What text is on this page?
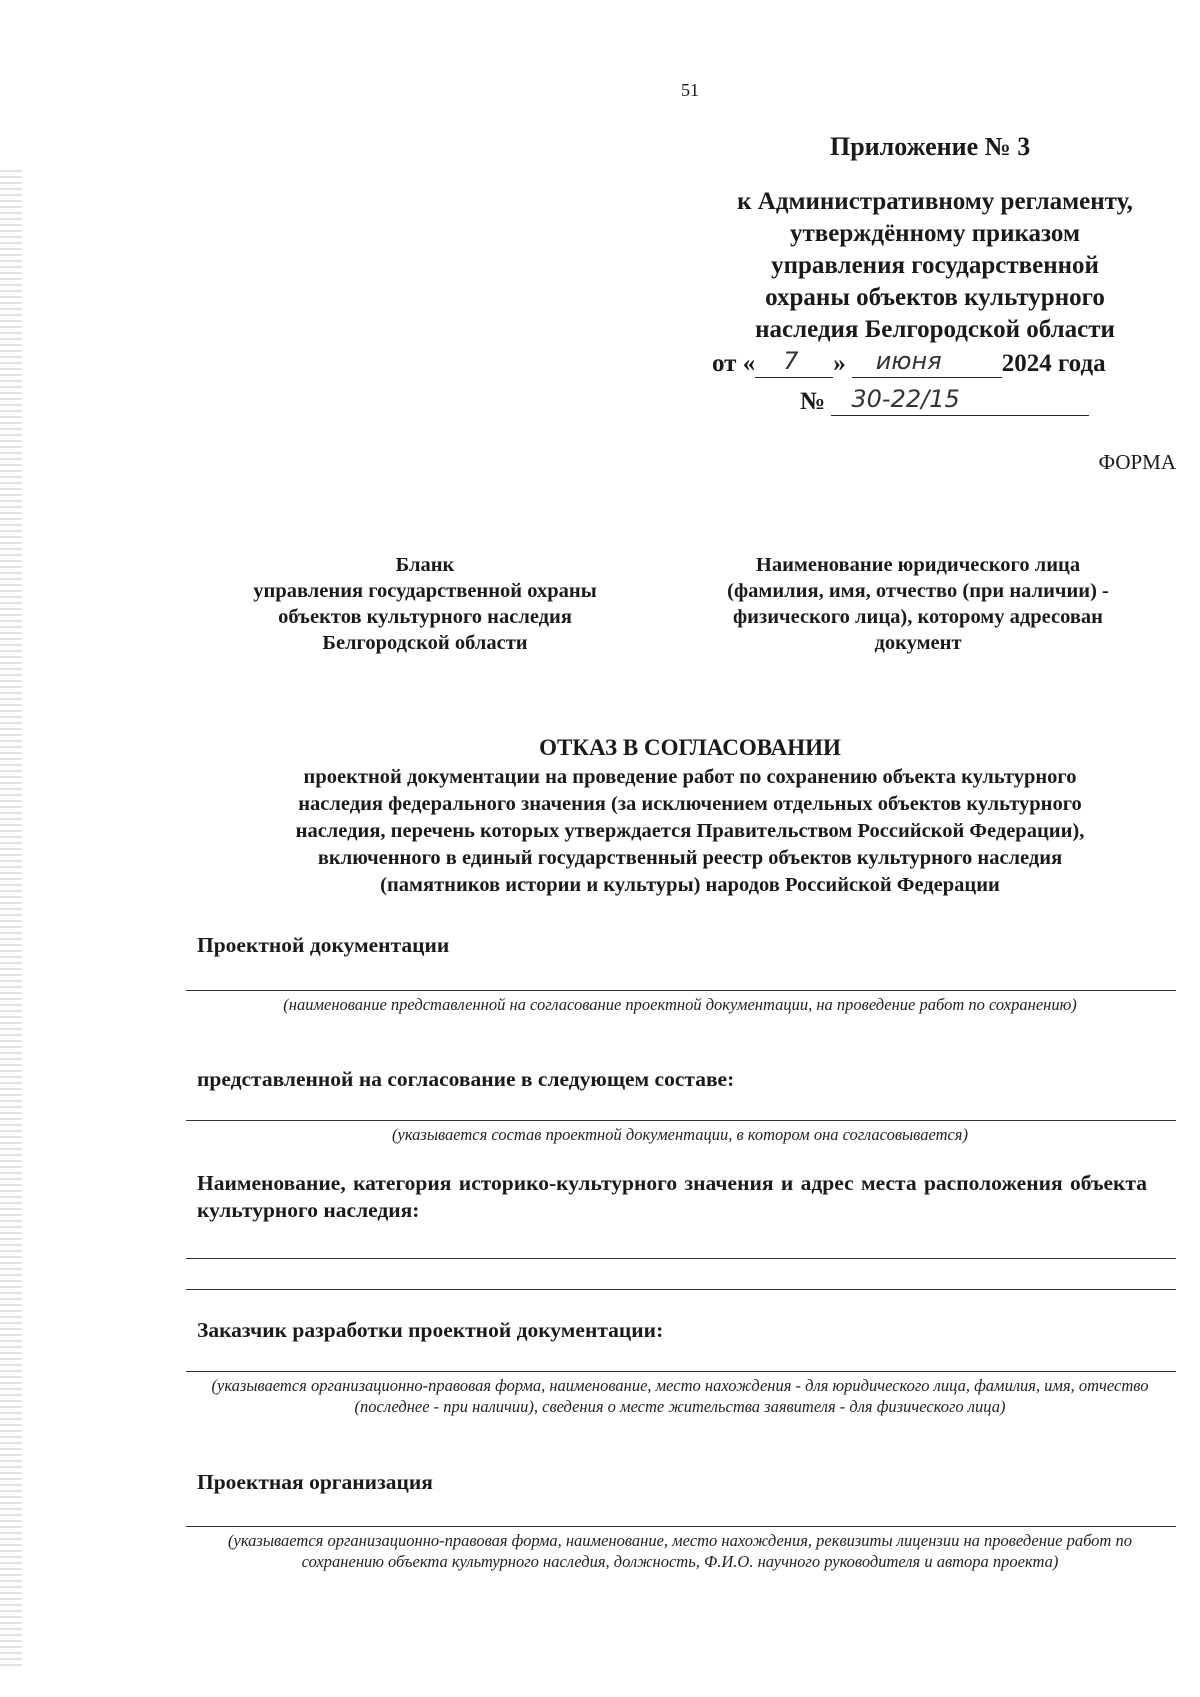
51
Приложение № 3
к Административному регламенту,
утверждённому приказом
управления государственной
охраны объектов культурного
наследия Белгородской области
от « 7 » июня 2024 года
№ 30-22/15
ФОРМА
Бланк
управления государственной охраны
объектов культурного наследия
Белгородской области
Наименование юридического лица
(фамилия, имя, отчество (при наличии) -
физического лица), которому адресован
документ
ОТКАЗ В СОГЛАСОВАНИИ
проектной документации на проведение работ по сохранению объекта культурного
наследия федерального значения (за исключением отдельных объектов культурного
наследия, перечень которых утверждается Правительством Российской Федерации),
включенного в единый государственный реестр объектов культурного наследия
(памятников истории и культуры) народов Российской Федерации
Проектной документации
(наименование представленной на согласование проектной документации, на проведение работ по сохранению)
представленной на согласование в следующем составе:
(указывается состав проектной документации, в котором она согласовывается)
Наименование, категория историко-культурного значения и адрес места расположения объекта культурного наследия:
Заказчик разработки проектной документации:
(указывается организационно-правовая форма, наименование, место нахождения - для юридического лица, фамилия, имя, отчество (последнее - при наличии), сведения о месте жительства заявителя - для физического лица)
Проектная организация
(указывается организационно-правовая форма, наименование, место нахождения, реквизиты лицензии на проведение работ по сохранению объекта культурного наследия, должность, Ф.И.О. научного руководителя и автора проекта)
